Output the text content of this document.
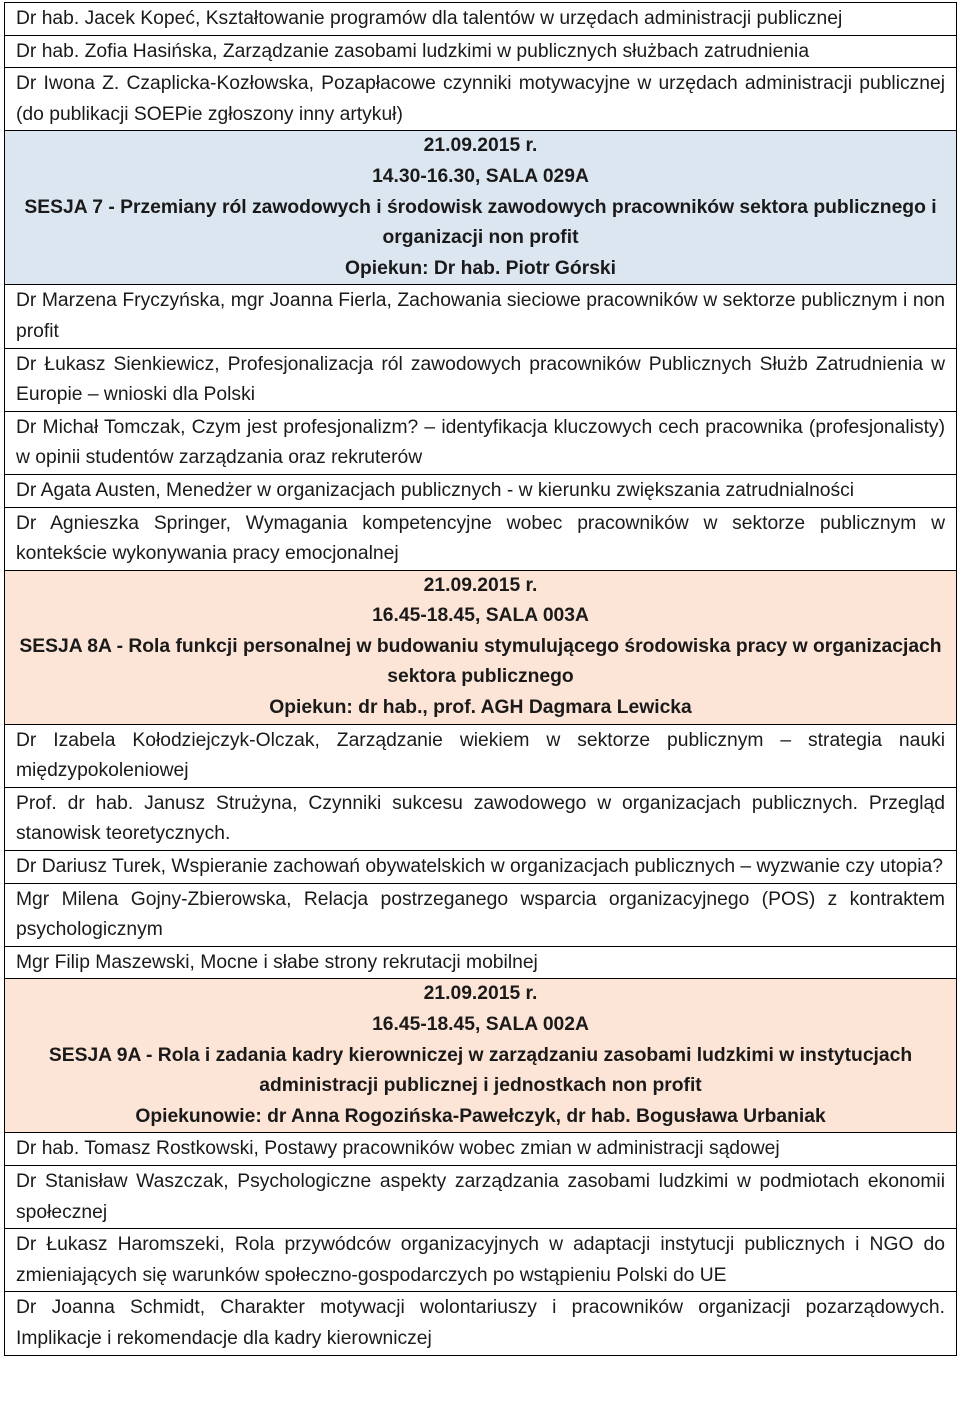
Dr hab. Jacek Kopeć, Kształtowanie programów dla talentów w urzędach administracji publicznej
Dr hab. Zofia Hasińska, Zarządzanie zasobami ludzkimi w publicznych służbach zatrudnienia
Dr Iwona Z. Czaplicka-Kozłowska, Pozapłacowe czynniki motywacyjne w urzędach administracji publicznej (do publikacji SOEPie zgłoszony inny artykuł)
21.09.2015 r.
14.30-16.30, SALA 029A
SESJA 7 - Przemiany ról zawodowych i środowisk zawodowych pracowników sektora publicznego i organizacji non profit
Opiekun: Dr hab. Piotr Górski
Dr Marzena Fryczyńska, mgr Joanna Fierla, Zachowania sieciowe pracowników w sektorze publicznym i non profit
Dr Łukasz Sienkiewicz, Profesjonalizacja ról zawodowych pracowników Publicznych Służb Zatrudnienia w Europie – wnioski dla Polski
Dr Michał Tomczak, Czym jest profesjonalizm? – identyfikacja kluczowych cech pracownika (profesjonalisty) w opinii studentów zarządzania oraz rekruterów
Dr Agata Austen, Menedżer w organizacjach publicznych - w kierunku zwiększania zatrudnialności
Dr Agnieszka Springer, Wymagania kompetencyjne wobec pracowników w sektorze publicznym w kontekście wykonywania pracy emocjonalnej
21.09.2015 r.
16.45-18.45, SALA 003A
SESJA 8A - Rola funkcji personalnej w budowaniu stymulującego środowiska pracy w organizacjach sektora publicznego
Opiekun: dr hab., prof. AGH Dagmara Lewicka
Dr Izabela Kołodziejczyk-Olczak, Zarządzanie wiekiem w sektorze publicznym – strategia nauki międzypokoleniowej
Prof. dr hab. Janusz Strużyna, Czynniki sukcesu zawodowego w organizacjach publicznych. Przegląd stanowisk teoretycznych.
Dr Dariusz Turek, Wspieranie zachowań obywatelskich w organizacjach publicznych – wyzwanie czy utopia?
Mgr Milena Gojny-Zbierowska, Relacja postrzeganego wsparcia organizacyjnego (POS) z kontraktem psychologicznym
Mgr Filip Maszewski, Mocne i słabe strony rekrutacji mobilnej
21.09.2015 r.
16.45-18.45, SALA 002A
SESJA 9A - Rola i zadania kadry kierowniczej w zarządzaniu zasobami ludzkimi w instytucjach administracji publicznej i jednostkach non profit
Opiekunowie: dr Anna Rogozińska-Pawełczyk, dr hab. Bogusława Urbaniak
Dr hab. Tomasz Rostkowski, Postawy pracowników wobec zmian w administracji sądowej
Dr Stanisław Waszczak, Psychologiczne aspekty zarządzania zasobami ludzkimi w podmiotach ekonomii społecznej
Dr Łukasz Haromszeki, Rola przywódców organizacyjnych w adaptacji instytucji publicznych i NGO do zmieniających się warunków społeczno-gospodarczych po wstąpieniu Polski do UE
Dr Joanna Schmidt, Charakter motywacji wolontariuszy i pracowników organizacji pozarządowych. Implikacje i rekomendacje dla kadry kierowniczej
